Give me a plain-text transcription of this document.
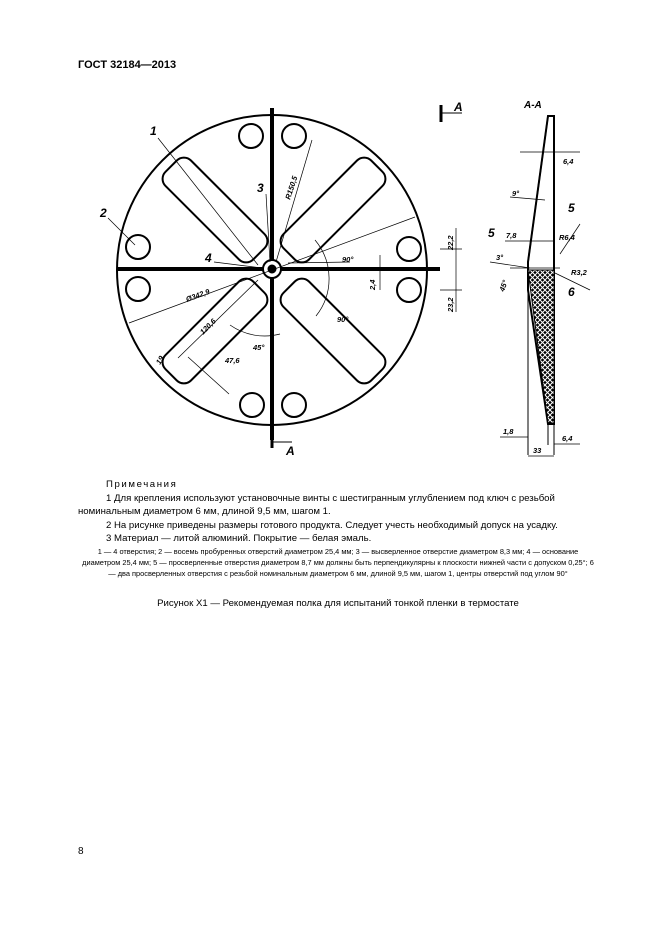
ГОСТ 32184—2013
1
2
3
4
5
5
6
A
A
А-А
R150,5
Ø342,9
120,6
47,6
19
45°
90°
90°
2,4
22,2
23,2
6,4
9°
7,8	R6,4
3°
45°
R3,2
1,8
6,4
33

Примечания

1 Для крепления используют установочные винты с шестигранным углублением под ключ с резьбой номинальным диаметром 6 мм, длиной 9,5 мм, шагом 1.

2 На рисунке приведены размеры готового продукта. Следует учесть необходимый допуск на усадку.

3 Материал — литой алюминий. Покрытие — белая эмаль.

1 — 4 отверстия; 2 — восемь пробуренных отверстий диаметром 25,4 мм; 3 — высверленное отверстие диаметром 8,3 мм; 4 — основание диаметром 25,4 мм; 5 — просверленные отверстия диаметром 8,7 мм должны быть перпендикулярны к плоскости нижней части с допуском 0,25°; 6 — два просверленных отверстия с резьбой номинальным диаметром 6 мм, длиной 9,5 мм, шагом 1, центры отверстий под углом 90°
Рисунок Х1 — Рекомендуемая полка для испытаний тонкой пленки в термостате
8
